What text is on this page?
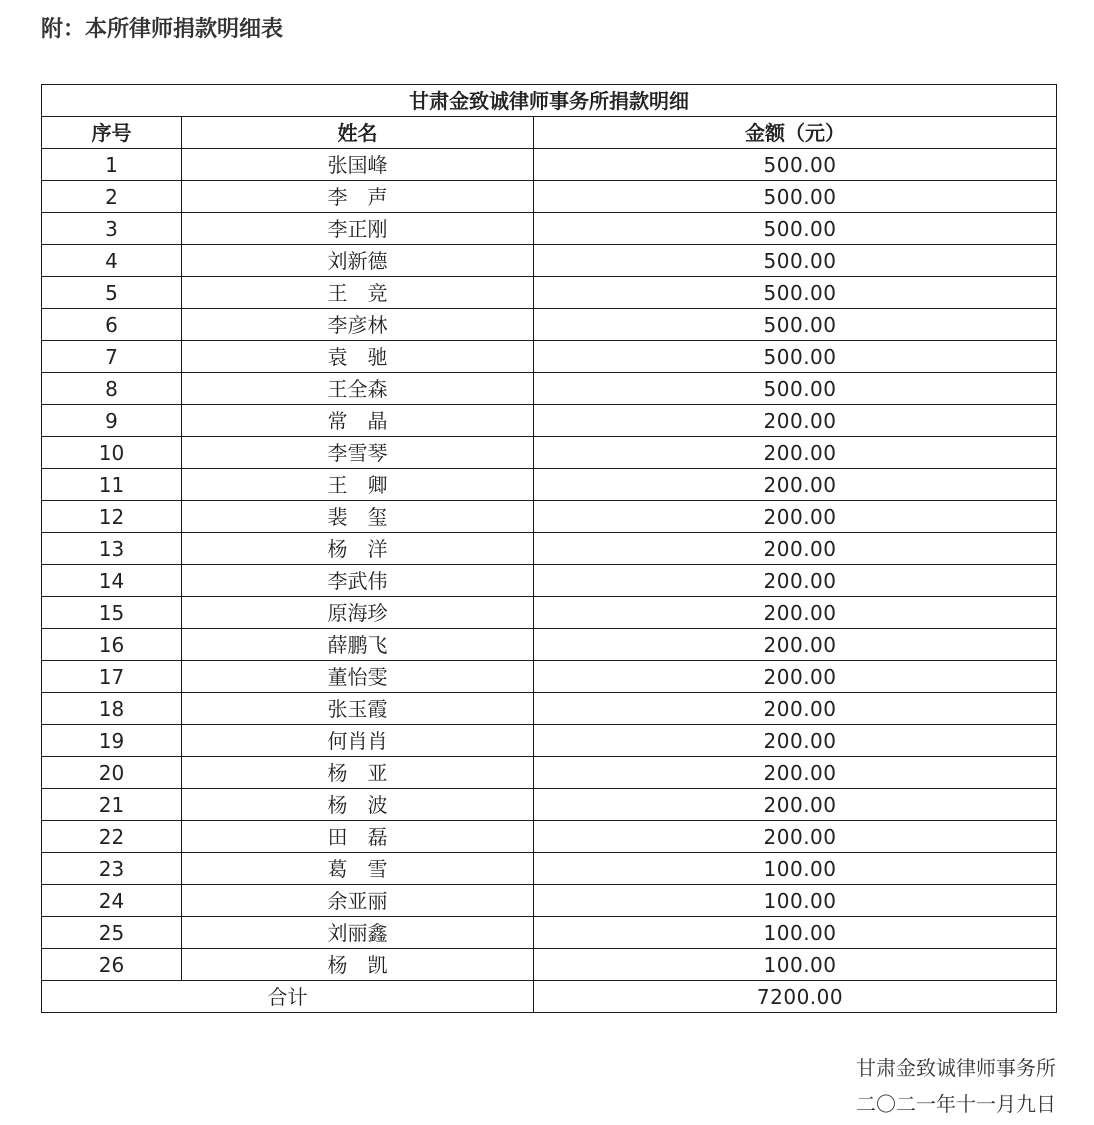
附：本所律师捐款明细表
甘肃金致诚律师事务所捐款明细		
序号	姓名	金额（元）
1	张国峰	500.00
2	李　声	500.00
3	李正刚	500.00
4	刘新德	500.00
5	王　竞	500.00
6	李彦林	500.00
7	袁　驰	500.00
8	王全森	500.00
9	常　晶	200.00
10	李雪琴	200.00
11	王　卿	200.00
12	裴　玺	200.00
13	杨　洋	200.00
14	李武伟	200.00
15	原海珍	200.00
16	薛鹏飞	200.00
17	董怡雯	200.00
18	张玉霞	200.00
19	何肖肖	200.00
20	杨　亚	200.00
21	杨　波	200.00
22	田　磊	200.00
23	葛　雪	100.00
24	余亚丽	100.00
25	刘丽鑫	100.00
26	杨　凯	100.00
合计		7200.00
甘肃金致诚律师事务所
二〇二一年十一月九日
